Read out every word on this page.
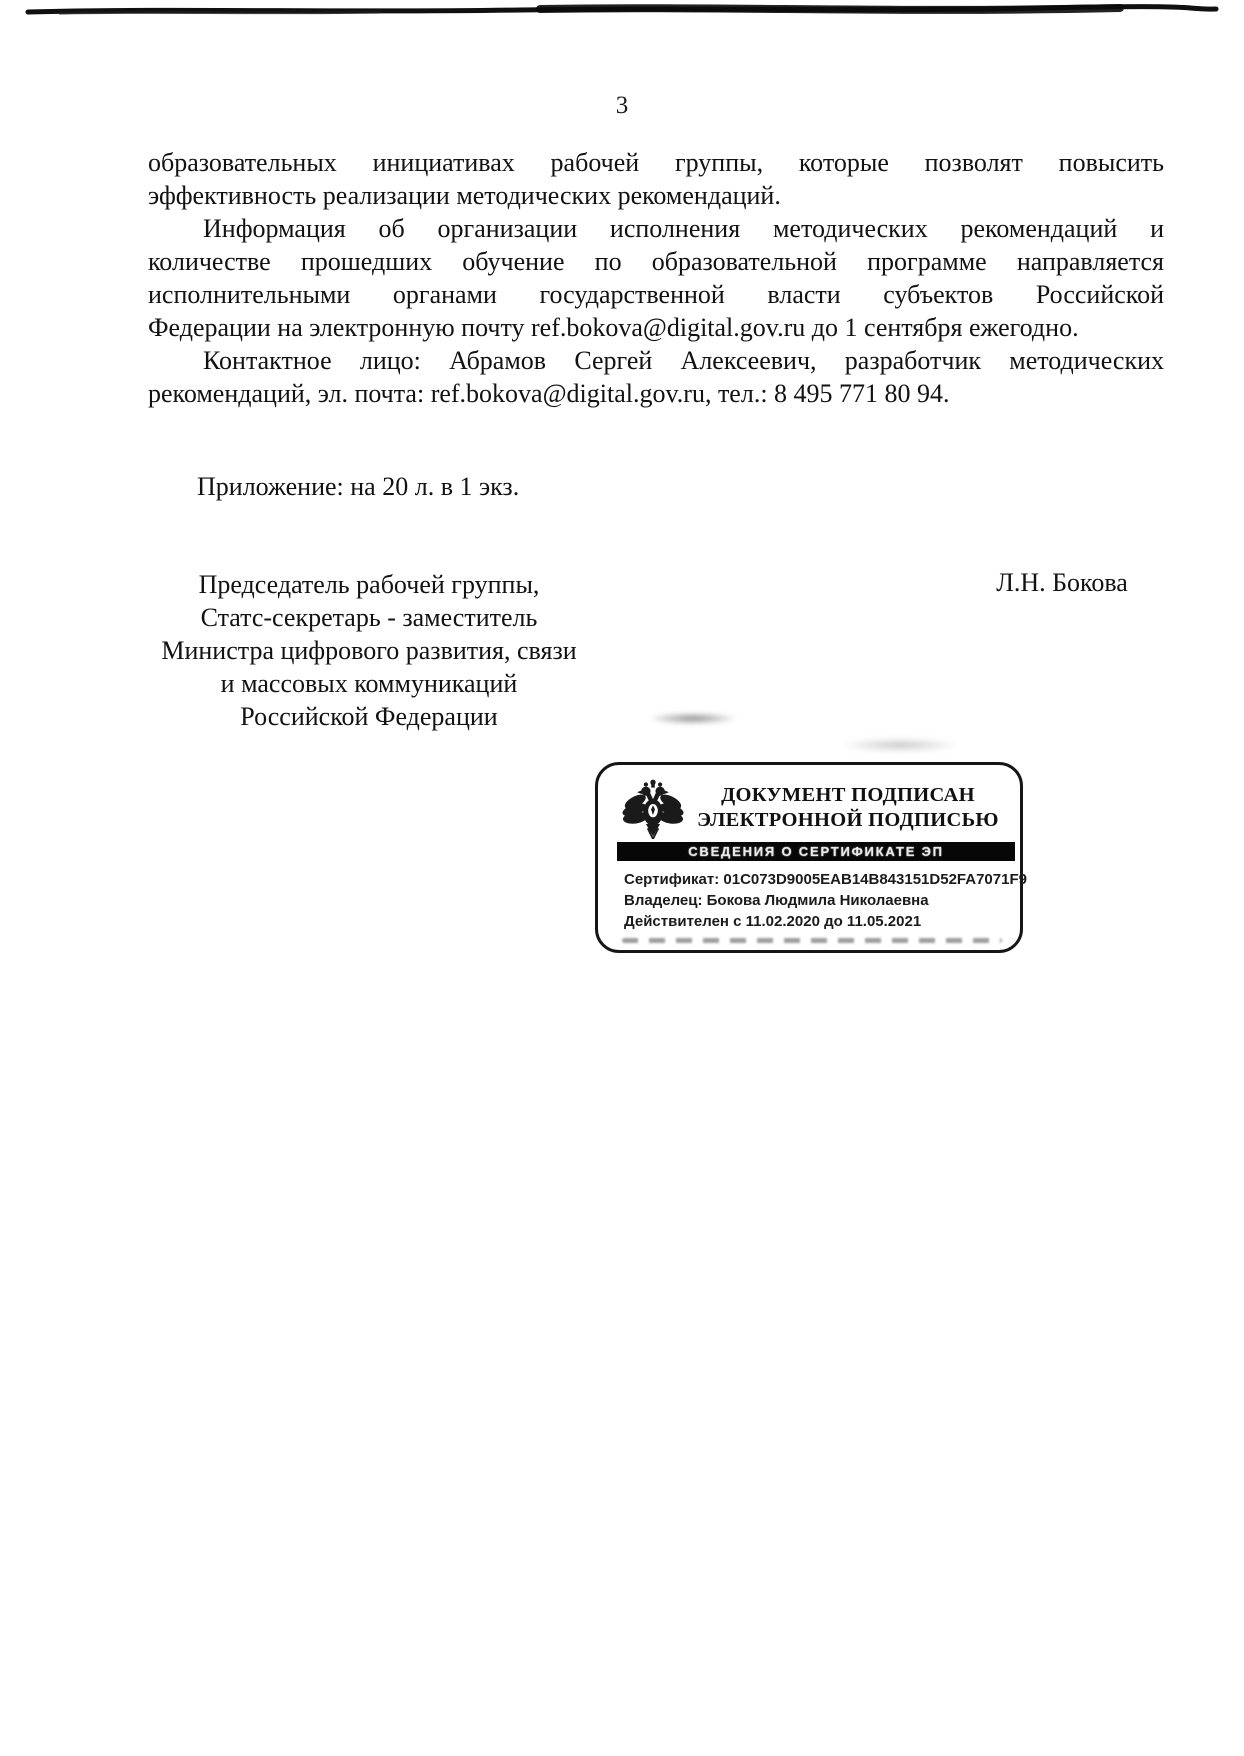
3
образовательных инициативах рабочей группы, которые позволят повысить
эффективность реализации методических рекомендаций.
Информация об организации исполнения методических рекомендаций и
количестве прошедших обучение по образовательной программе направляется
исполнительными органами государственной власти субъектов Российской
Федерации на электронную почту ref.bokova@digital.gov.ru до 1 сентября ежегодно.
Контактное лицо: Абрамов Сергей Алексеевич, разработчик методических
рекомендаций, эл. почта: ref.bokova@digital.gov.ru, тел.: 8 495 771 80 94.
Приложение: на 20 л. в 1 экз.
Председатель рабочей группы,
Статс-секретарь - заместитель
Министра цифрового развития, связи
и массовых коммуникаций
Российской Федерации
Л.Н. Бокова
ДОКУМЕНТ ПОДПИСАН
ЭЛЕКТРОННОЙ ПОДПИСЬЮ
СВЕДЕНИЯ О СЕРТИФИКАТЕ ЭП
Сертификат: 01C073D9005EAB14B843151D52FA7071F9
Владелец: Бокова Людмила Николаевна
Действителен с 11.02.2020 до 11.05.2021
